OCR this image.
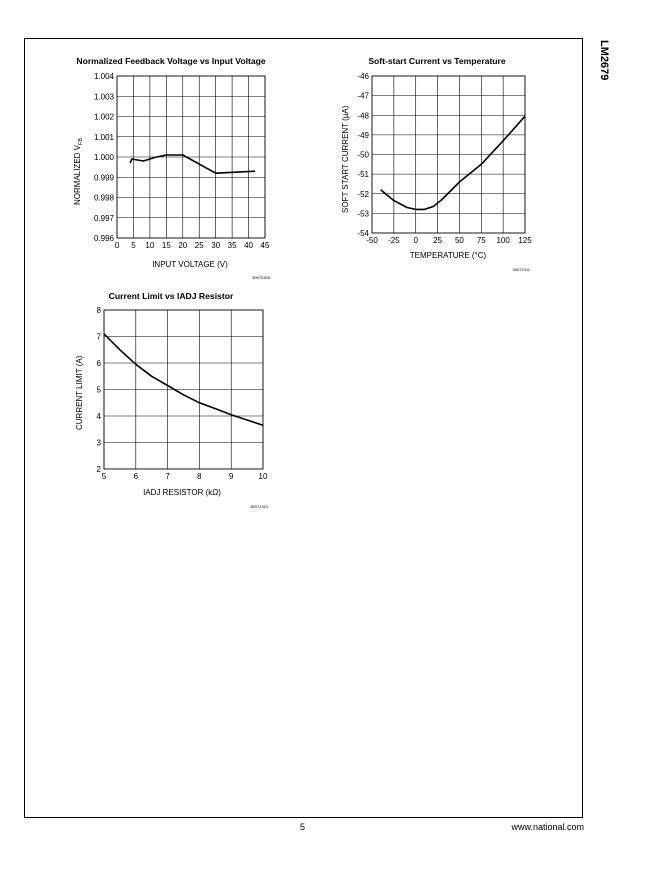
LM2679
Normalized Feedback Voltage vs Input Voltage
INPUT VOLTAGE (V)
NORMALIZED $V_{FB}$
30072309
0 5 10 15 20 25 30 35 40 45
0.996
0.997
0.998
0.999
1.000
1.001
1.002
1.003
1.004
Soft-start Current vs Temperature
TEMPERATURE (°C)
SOFT START CURRENT (µA)
30072311
-50 -25 0 25 50 75 100 125
-54
-53
-52
-51
-50
-49
-48
-47
-46
Current Limit vs IADJ Resistor
IADJ RESISTOR (kΩ)
CURRENT LIMIT (A)
30072313
5	6	7	8	9	10
2
3
4
5
6
7
8
5	www.national.com
